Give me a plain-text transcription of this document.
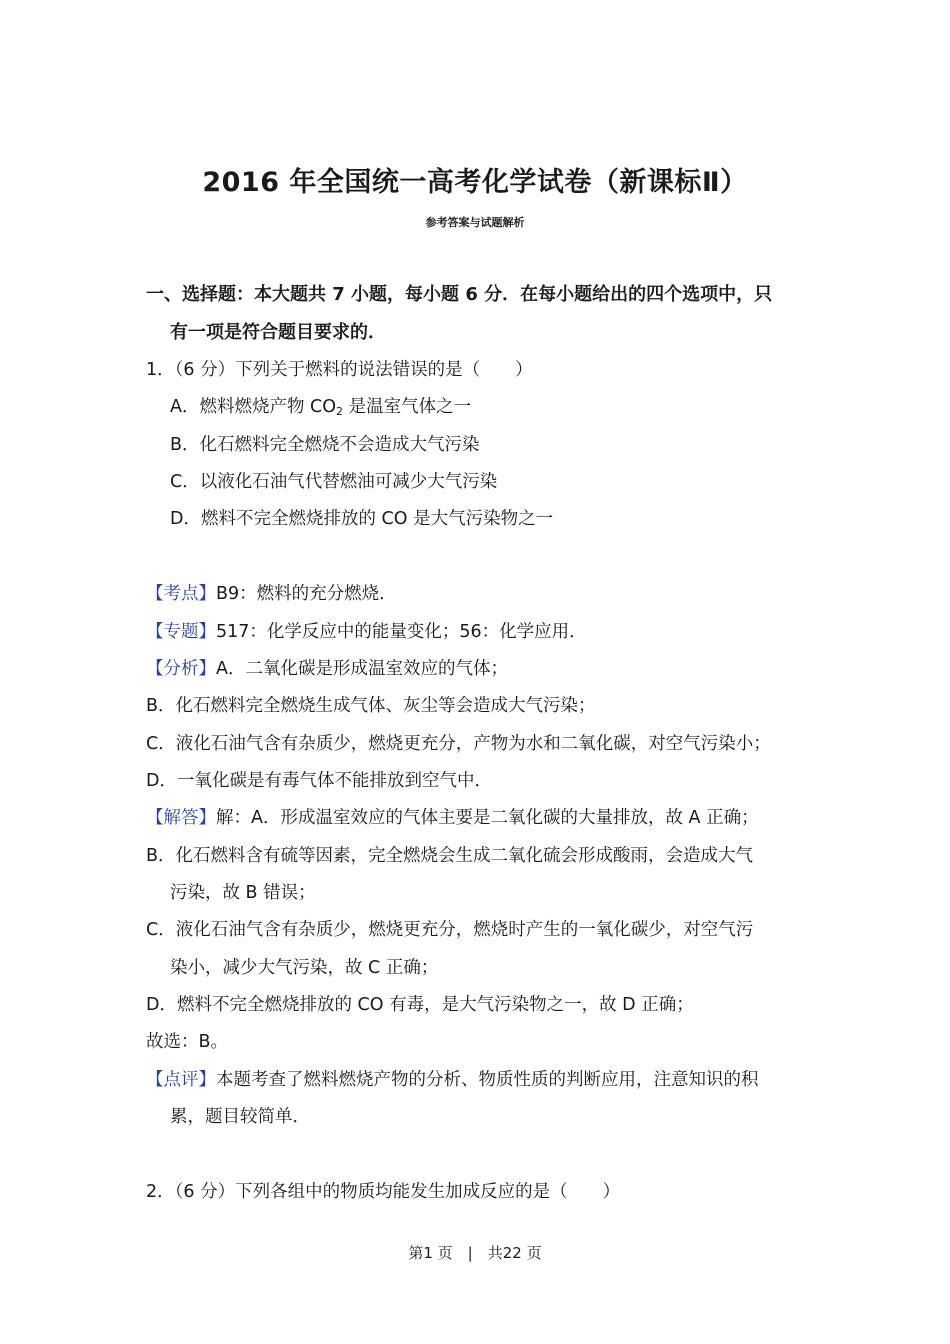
2016 年全国统一高考化学试卷（新课标Ⅱ）
参考答案与试题解析
一、选择题：本大题共 7 小题，每小题 6 分．在每小题给出的四个选项中，只
有一项是符合题目要求的．
1．（6 分）下列关于燃料的说法错误的是（　　）
A．燃料燃烧产物 $CO_2$ 是温室气体之一
B．化石燃料完全燃烧不会造成大气污染
C．以液化石油气代替燃油可减少大气污染
D．燃料不完全燃烧排放的 CO 是大气污染物之一
【考点】B9：燃料的充分燃烧．
【专题】517：化学反应中的能量变化；56：化学应用．
【分析】A．二氧化碳是形成温室效应的气体；
B．化石燃料完全燃烧生成气体、灰尘等会造成大气污染；
C．液化石油气含有杂质少，燃烧更充分，产物为水和二氧化碳，对空气污染小；
D．一氧化碳是有毒气体不能排放到空气中．
【解答】解：A．形成温室效应的气体主要是二氧化碳的大量排放，故 A 正确；
B．化石燃料含有硫等因素，完全燃烧会生成二氧化硫会形成酸雨，会造成大气
污染，故 B 错误；
C．液化石油气含有杂质少，燃烧更充分，燃烧时产生的一氧化碳少，对空气污
染小，减少大气污染，故 C 正确；
D．燃料不完全燃烧排放的 CO 有毒，是大气污染物之一，故 D 正确；
故选：B。
【点评】本题考查了燃料燃烧产物的分析、物质性质的判断应用，注意知识的积
累，题目较简单．
2．（6 分）下列各组中的物质均能发生加成反应的是（　　）
第1 页　|　共22 页
